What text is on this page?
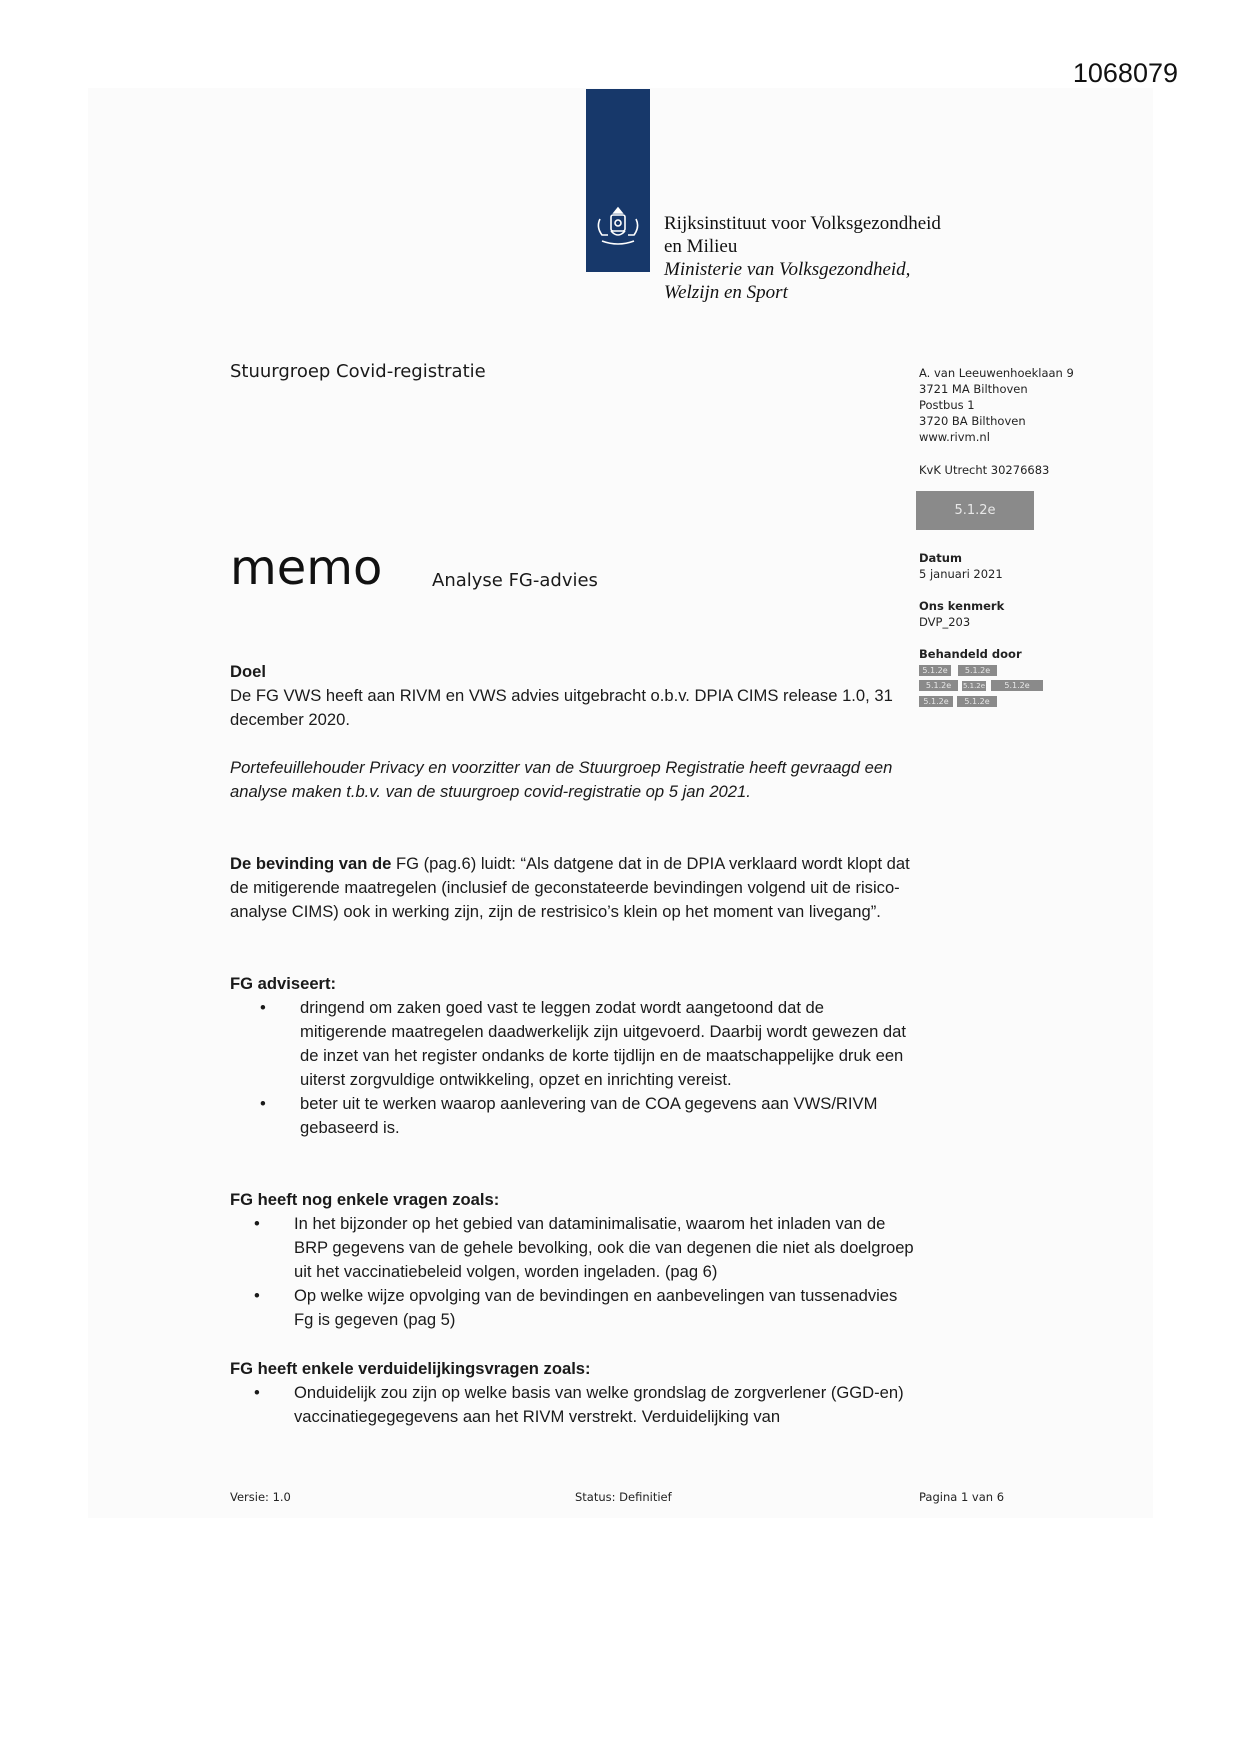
1068079
Rijksinstituut voor Volksgezondheid
en Milieu
Ministerie van Volksgezondheid,
Welzijn en Sport
Stuurgroep Covid-registratie	A. van Leeuwenhoeklaan 9
3721 MA Bilthoven
Postbus 1
3720 BA Bilthoven
www.rivm.nl
KvK Utrecht 30276683
5.1.2e
Datum
5 januari 2021
Ons kenmerk
DVP_203
Behandeld door
5.1.2e	5.1.2e
5.1.2e	5.1.2e	5.1.2e
5.1.2e	5.1.2e
memo	Analyse FG-advies

Doel

De FG VWS heeft aan RIVM en VWS advies uitgebracht o.b.v. DPIA CIMS release 1.0, 31 december 2020.

Portefeuillehouder Privacy en voorzitter van de Stuurgroep Registratie heeft gevraagd een analyse maken t.b.v. van de stuurgroep covid-registratie op 5 jan 2021.

De bevinding van de FG (pag.6) luidt: “Als datgene dat in de DPIA verklaard wordt klopt dat de mitigerende maatregelen (inclusief de geconstateerde bevindingen volgend uit de risico-analyse CIMS) ook in werking zijn, zijn de restrisico’s klein op het moment van livegang”.

FG adviseert:

• dringend om zaken goed vast te leggen zodat wordt aangetoond dat de mitigerende maatregelen daadwerkelijk zijn uitgevoerd. Daarbij wordt gewezen dat de inzet van het register ondanks de korte tijdlijn en de maatschappelijke druk een uiterst zorgvuldige ontwikkeling, opzet en inrichting vereist.
• beter uit te werken waarop aanlevering van de COA gegevens aan VWS/RIVM gebaseerd is.

FG heeft nog enkele vragen zoals:

• In het bijzonder op het gebied van dataminimalisatie, waarom het inladen van de BRP gegevens van de gehele bevolking, ook die van degenen die niet als doelgroep uit het vaccinatiebeleid volgen, worden ingeladen. (pag 6)
• Op welke wijze opvolging van de bevindingen en aanbevelingen van tussenadvies Fg is gegeven (pag 5)

FG heeft enkele verduidelijkingsvragen zoals:

• Onduidelijk zou zijn op welke basis van welke grondslag de zorgverlener (GGD-en) vaccinatiegegegevens aan het RIVM verstrekt. Verduidelijking van
Versie: 1.0	Status: Definitief	Pagina 1 van 6
